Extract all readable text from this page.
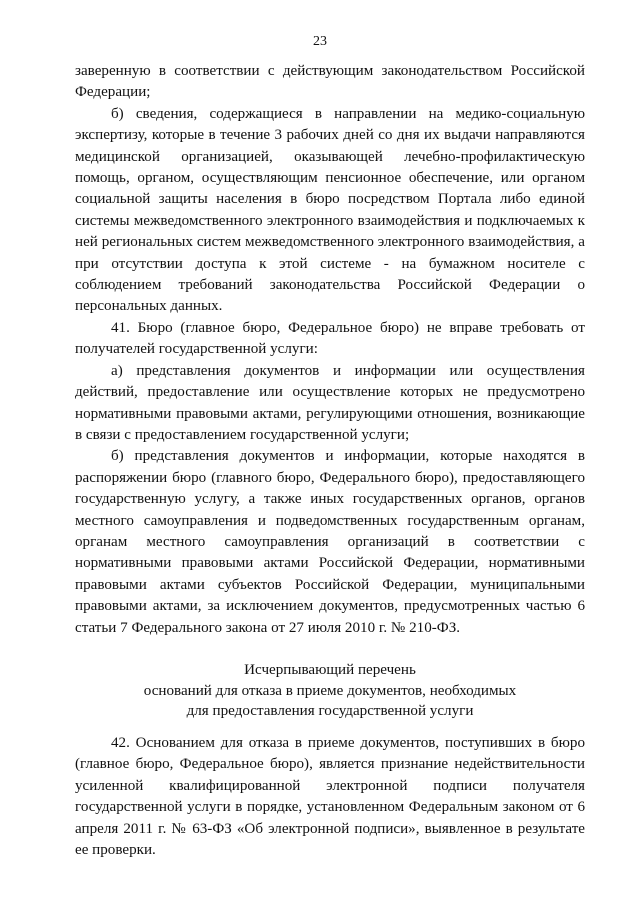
23

заверенную в соответствии с действующим законодательством Российской Федерации;

б) сведения, содержащиеся в направлении на медико-социальную экспертизу, которые в течение 3 рабочих дней со дня их выдачи направляются медицинской организацией, оказывающей лечебно-профилактическую помощь, органом, осуществляющим пенсионное обеспечение, или органом социальной защиты населения в бюро посредством Портала либо единой системы межведомственного электронного взаимодействия и подключаемых к ней региональных систем межведомственного электронного взаимодействия, а при отсутствии доступа к этой системе - на бумажном носителе с соблюдением требований законодательства Российской Федерации о персональных данных.

41. Бюро (главное бюро, Федеральное бюро) не вправе требовать от получателей государственной услуги:

а) представления документов и информации или осуществления действий, предоставление или осуществление которых не предусмотрено нормативными правовыми актами, регулирующими отношения, возникающие в связи с предоставлением государственной услуги;

б) представления документов и информации, которые находятся в распоряжении бюро (главного бюро, Федерального бюро), предоставляющего государственную услугу, а также иных государственных органов, органов местного самоуправления и подведомственных государственным органам, органам местного самоуправления организаций в соответствии с нормативными правовыми актами Российской Федерации, нормативными правовыми актами субъектов Российской Федерации, муниципальными правовыми актами, за исключением документов, предусмотренных частью 6 статьи 7 Федерального закона от 27 июля 2010 г. № 210-ФЗ.

Исчерпывающий перечень
оснований для отказа в приеме документов, необходимых
для предоставления государственной услуги

42. Основанием для отказа в приеме документов, поступивших в бюро (главное бюро, Федеральное бюро), является признание недействительности усиленной квалифицированной электронной подписи получателя государственной услуги в порядке, установленном Федеральным законом от 6 апреля 2011 г. № 63-ФЗ «Об электронной подписи», выявленное в результате ее проверки.
